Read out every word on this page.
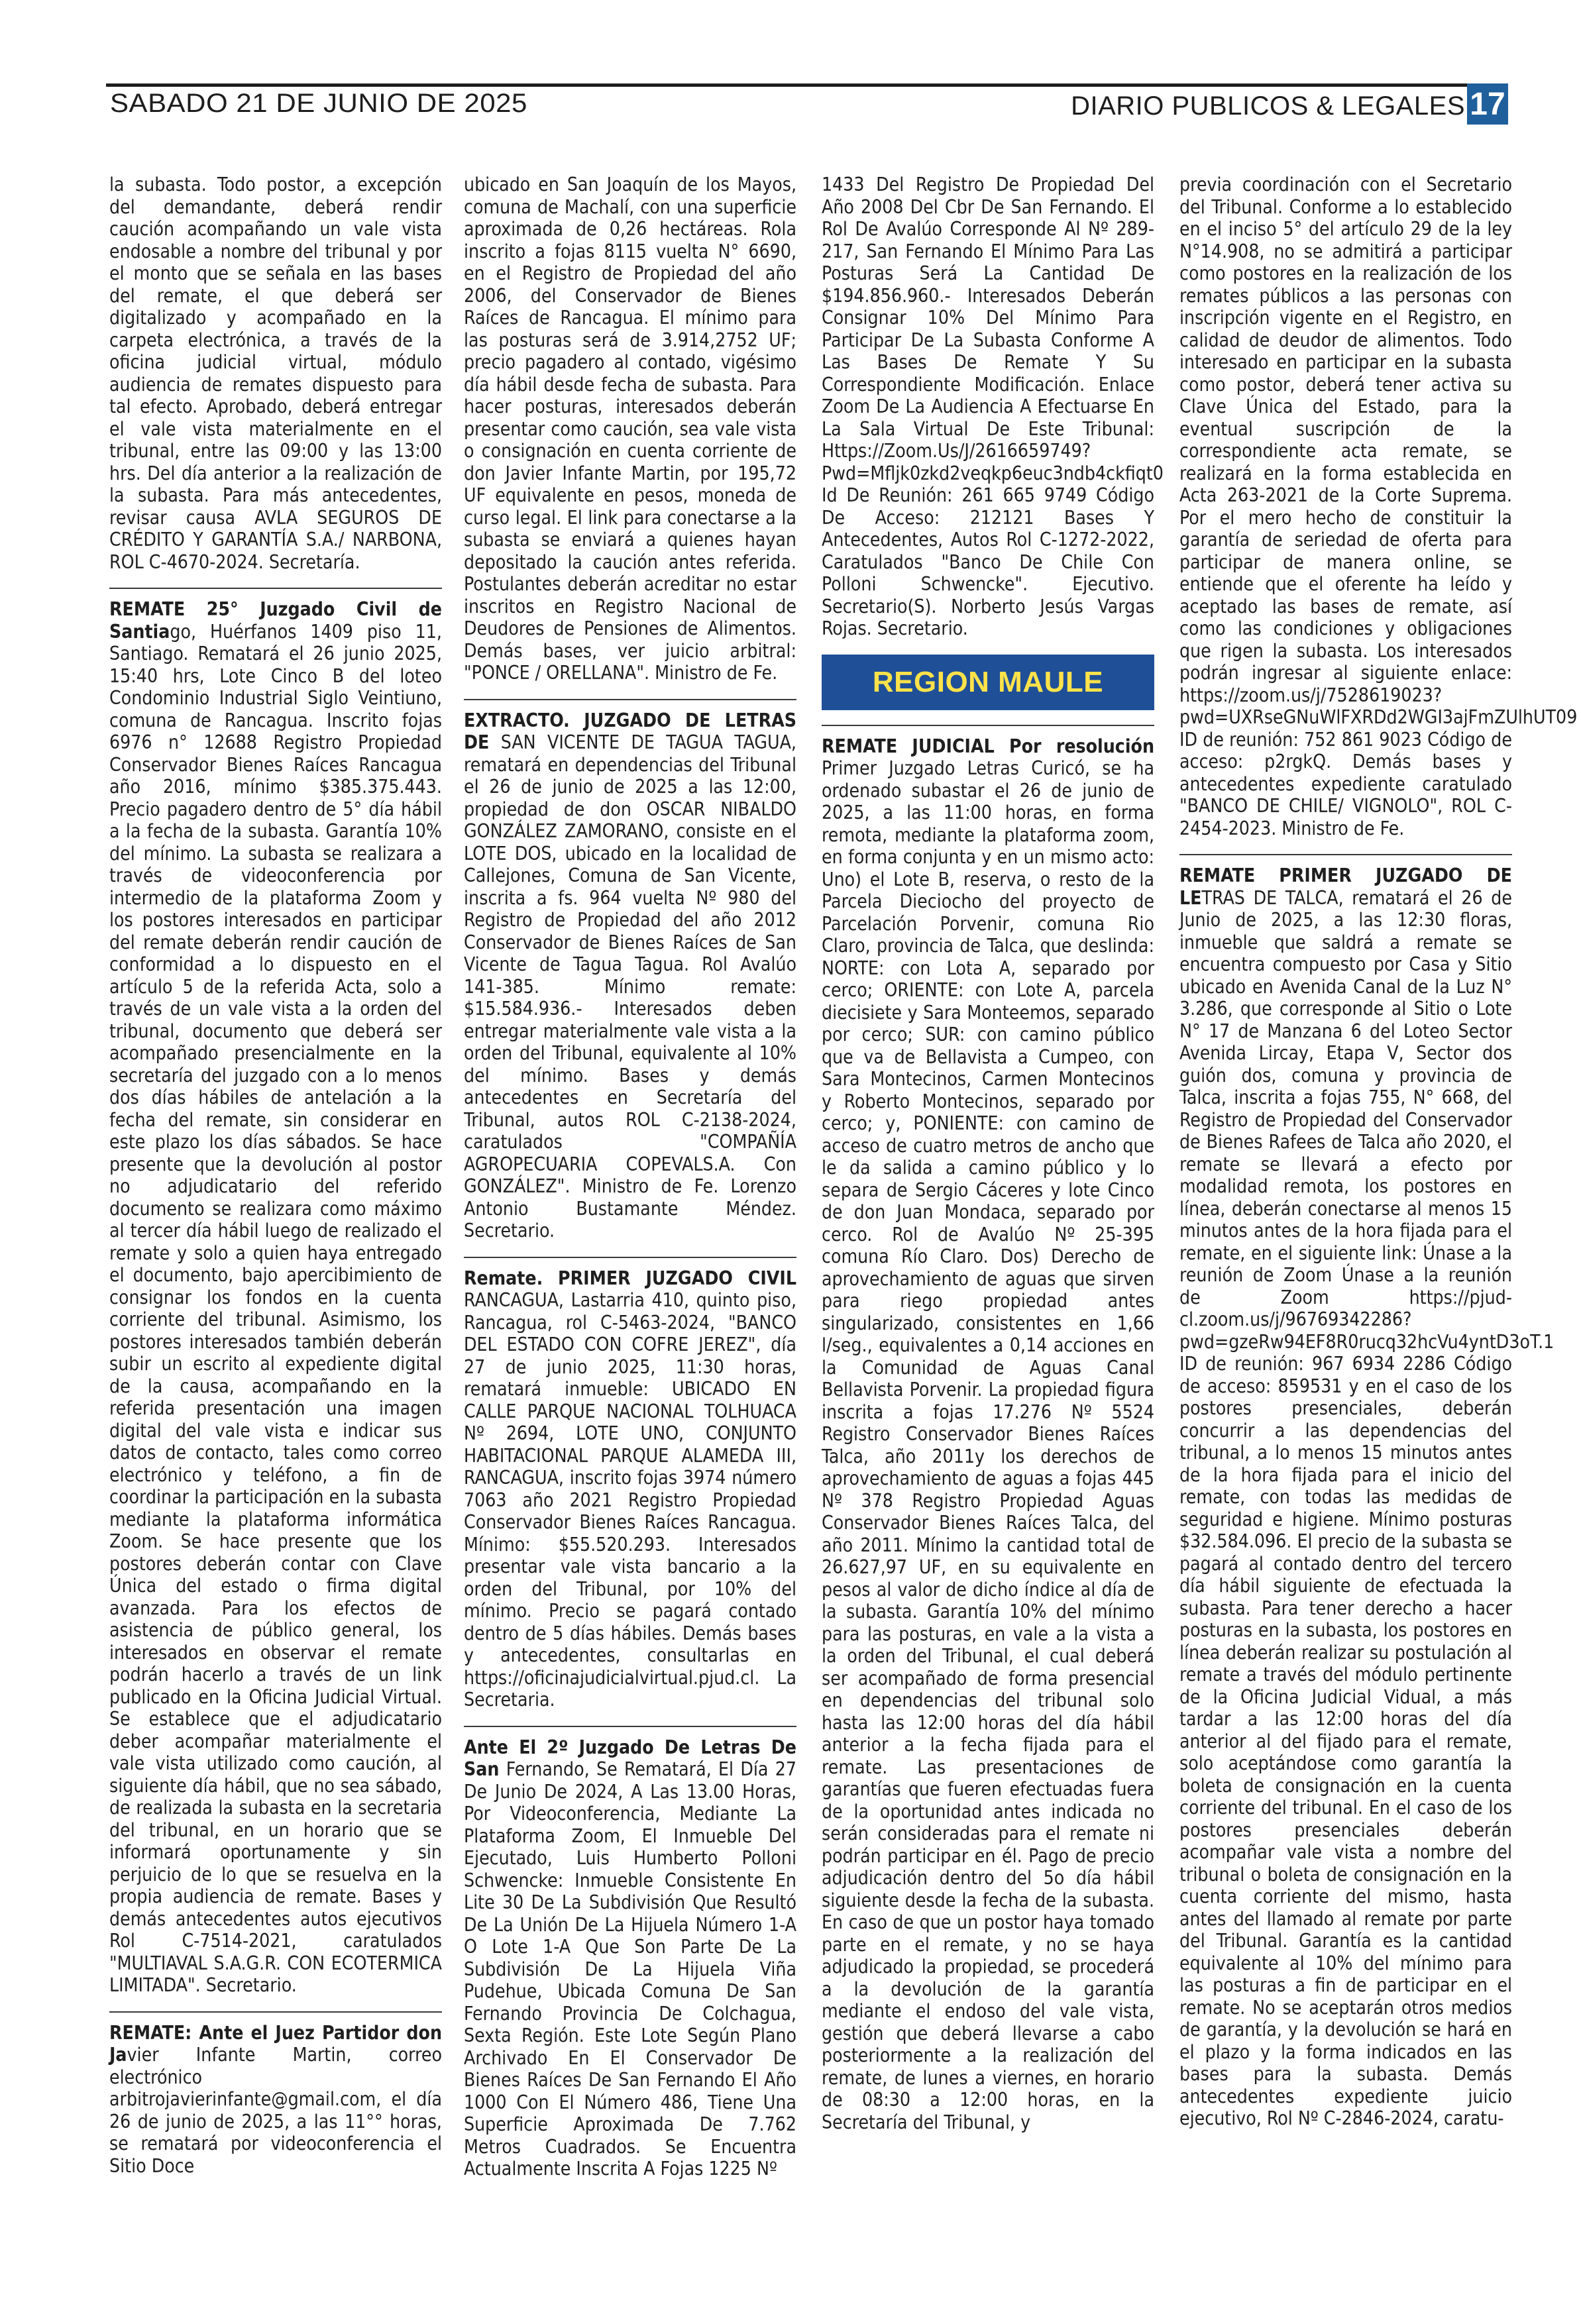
SABADO 21 DE JUNIO DE 2025	DIARIO PUBLICOS & LEGALES 17

la subasta. Todo postor, a excepción del demandante, deberá rendir caución acompañando un vale vista endosable a nombre del tribunal y por el monto que se señala en las bases del remate, el que deberá ser digitalizado y acompañado en la carpeta electrónica, a través de la oficina judicial virtual, módulo audiencia de remates dispuesto para tal efecto. Aprobado, deberá entregar el vale vista materialmente en el tribunal, entre las 09:00 y las 13:00 hrs. Del día anterior a la realización de la subasta. Para más antecedentes, revisar causa AVLA SEGUROS DE CRÉDITO Y GARANTÍA S.A./ NARBONA, ROL C-4670-2024. Secretaría.

REMATE 25° Juzgado Civil de Santiago, Huérfanos 1409 piso 11, Santiago. Rematará el 26 junio 2025, 15:40 hrs, Lote Cinco B del loteo Condominio Industrial Siglo Veintiuno, comuna de Rancagua. Inscrito fojas 6976 n° 12688 Registro Propiedad Conservador Bienes Raíces Rancagua año 2016, mínimo $385.375.443. Precio pagadero dentro de 5° día hábil a la fecha de la subasta. Garantía 10% del mínimo. La subasta se realizara a través de videoconferencia por intermedio de la plataforma Zoom y los postores interesados en participar del remate deberán rendir caución de conformidad a lo dispuesto en el artículo 5 de la referida Acta, solo a través de un vale vista a la orden del tribunal, documento que deberá ser acompañado presencialmente en la secretaría del juzgado con a lo menos dos días hábiles de antelación a la fecha del remate, sin considerar en este plazo los días sábados. Se hace presente que la devolución al postor no adjudicatario del referido documento se realizara como máximo al tercer día hábil luego de realizado el remate y solo a quien haya entregado el documento, bajo apercibimiento de consignar los fondos en la cuenta corriente del tribunal. Asimismo, los postores interesados también deberán subir un escrito al expediente digital de la causa, acompañando en la referida presentación una imagen digital del vale vista e indicar sus datos de contacto, tales como correo electrónico y teléfono, a fin de coordinar la participación en la subasta mediante la plataforma informática Zoom. Se hace presente que los postores deberán contar con Clave Única del estado o firma digital avanzada. Para los efectos de asistencia de público general, los interesados en observar el remate podrán hacerlo a través de un link publicado en la Oficina Judicial Virtual. Se establece que el adjudicatario deber acompañar materialmente el vale vista utilizado como caución, al siguiente día hábil, que no sea sábado, de realizada la subasta en la secretaria del tribunal, en un horario que se informará oportunamente y sin perjuicio de lo que se resuelva en la propia audiencia de remate. Bases y demás antecedentes autos ejecutivos Rol C-7514-2021, caratulados "MULTIAVAL S.A.G.R. CON ECOTERMICA LIMITADA". Secretario.

REMATE: Ante el Juez Partidor don Javier Infante Martin, correo electrónico arbitrojavierinfante@gmail.com, el día 26 de junio de 2025, a las 11°° horas, se rematará por videoconferencia el Sitio Doce

ubicado en San Joaquín de los Mayos, comuna de Machalí, con una superficie aproximada de 0,26 hectáreas. Rola inscrito a fojas 8115 vuelta N° 6690, en el Registro de Propiedad del año 2006, del Conservador de Bienes Raíces de Rancagua. El mínimo para las posturas será de 3.914,2752 UF; precio pagadero al contado, vigésimo día hábil desde fecha de subasta. Para hacer posturas, interesados deberán presentar como caución, sea vale vista o consignación en cuenta corriente de don Javier Infante Martin, por 195,72 UF equivalente en pesos, moneda de curso legal. El link para conectarse a la subasta se enviará a quienes hayan depositado la caución antes referida. Postulantes deberán acreditar no estar inscritos en Registro Nacional de Deudores de Pensiones de Alimentos. Demás bases, ver juicio arbitral: "PONCE / ORELLANA". Ministro de Fe.

EXTRACTO. JUZGADO DE LETRAS DE SAN VICENTE DE TAGUA TAGUA, rematará en dependencias del Tribunal el 26 de junio de 2025 a las 12:00, propiedad de don OSCAR NIBALDO GONZÁLEZ ZAMORANO, consiste en el LOTE DOS, ubicado en la localidad de Callejones, Comuna de San Vicente, inscrita a fs. 964 vuelta Nº 980 del Registro de Propiedad del año 2012 Conservador de Bienes Raíces de San Vicente de Tagua Tagua. Rol Avalúo 141-385. Mínimo remate: $15.584.936.- Interesados deben entregar materialmente vale vista a la orden del Tribunal, equivalente al 10% del mínimo. Bases y demás antecedentes en Secretaría del Tribunal, autos ROL C-2138-2024, caratulados "COMPAÑÍA AGROPECUARIA COPEVALS.A. Con GONZÁLEZ". Ministro de Fe. Lorenzo Antonio Bustamante Méndez. Secretario.

Remate. PRIMER JUZGADO CIVIL RANCAGUA, Lastarria 410, quinto piso, Rancagua, rol C-5463-2024, "BANCO DEL ESTADO CON COFRE JEREZ", día 27 de junio 2025, 11:30 horas, rematará inmueble: UBICADO EN CALLE PARQUE NACIONAL TOLHUACA Nº 2694, LOTE UNO, CONJUNTO HABITACIONAL PARQUE ALAMEDA III, RANCAGUA, inscrito fojas 3974 número 7063 año 2021 Registro Propiedad Conservador Bienes Raíces Rancagua. Mínimo: $55.520.293. Interesados presentar vale vista bancario a la orden del Tribunal, por 10% del mínimo. Precio se pagará contado dentro de 5 días hábiles. Demás bases y antecedentes, consultarlas en https://oficinajudicialvirtual.pjud.cl. La Secretaria.

Ante El 2º Juzgado De Letras De San Fernando, Se Rematará, El Día 27 De Junio De 2024, A Las 13.00 Horas, Por Videoconferencia, Mediante La Plataforma Zoom, El Inmueble Del Ejecutado, Luis Humberto Polloni Schwencke: Inmueble Consistente En Lite 30 De La Subdivisión Que Resultó De La Unión De La Hijuela Número 1-A O Lote 1-A Que Son Parte De La Subdivisión De La Hijuela Viña Pudehue, Ubicada Comuna De San Fernando Provincia De Colchagua, Sexta Región. Este Lote Según Plano Archivado En El Conservador De Bienes Raíces De San Fernando El Año 1000 Con El Número 486, Tiene Una Superficie Aproximada De 7.762 Metros Cuadrados. Se Encuentra Actualmente Inscrita A Fojas 1225 Nº

1433 Del Registro De Propiedad Del Año 2008 Del Cbr De San Fernando. El Rol De Avalúo Corresponde Al Nº 289-217, San Fernando El Mínimo Para Las Posturas Será La Cantidad De $194.856.960.- Interesados Deberán Consignar 10% Del Mínimo Para Participar De La Subasta Conforme A Las Bases De Remate Y Su Correspondiente Modificación. Enlace Zoom De La Audiencia A Efectuarse En La Sala Virtual De Este Tribunal: Https://Zoom.Us/J/2616659749?Pwd=Mfljk0zkd2veqkp6euc3ndb4ckfiqt0 Id De Reunión: 261 665 9749 Código De Acceso: 212121 Bases Y Antecedentes, Autos Rol C-1272-2022, Caratulados "Banco De Chile Con Polloni Schwencke". Ejecutivo. Secretario(S). Norberto Jesús Vargas Rojas. Secretario.

REGION MAULE

REMATE JUDICIAL Por resolución Primer Juzgado Letras Curicó, se ha ordenado subastar el 26 de junio de 2025, a las 11:00 horas, en forma remota, mediante la plataforma zoom, en forma conjunta y en un mismo acto: Uno) el Lote B, reserva, o resto de la Parcela Dieciocho del proyecto de Parcelación Porvenir, comuna Rio Claro, provincia de Talca, que deslinda: NORTE: con Lota A, separado por cerco; ORIENTE: con Lote A, parcela diecisiete y Sara Monteemos, separado por cerco; SUR: con camino público que va de Bellavista a Cumpeo, con Sara Montecinos, Carmen Montecinos y Roberto Montecinos, separado por cerco; y, PONIENTE: con camino de acceso de cuatro metros de ancho que le da salida a camino público y lo separa de Sergio Cáceres y lote Cinco de don Juan Mondaca, separado por cerco. Rol de Avalúo Nº 25-395 comuna Río Claro. Dos) Derecho de aprovechamiento de aguas que sirven para riego propiedad antes singularizado, consistentes en 1,66 l/seg., equivalentes a 0,14 acciones en la Comunidad de Aguas Canal Bellavista Porvenir. La propiedad figura inscrita a fojas 17.276 Nº 5524 Registro Conservador Bienes Raíces Talca, año 2011y los derechos de aprovechamiento de aguas a fojas 445 Nº 378 Registro Propiedad Aguas Conservador Bienes Raíces Talca, del año 2011. Mínimo la cantidad total de 26.627,97 UF, en su equivalente en pesos al valor de dicho índice al día de la subasta. Garantía 10% del mínimo para las posturas, en vale a la vista a la orden del Tribunal, el cual deberá ser acompañado de forma presencial en dependencias del tribunal solo hasta las 12:00 horas del día hábil anterior a la fecha fijada para el remate. Las presentaciones de garantías que fueren efectuadas fuera de la oportunidad antes indicada no serán consideradas para el remate ni podrán participar en él. Pago de precio adjudicación dentro del 5o día hábil siguiente desde la fecha de la subasta. En caso de que un postor haya tomado parte en el remate, y no se haya adjudicado la propiedad, se procederá a la devolución de la garantía mediante el endoso del vale vista, gestión que deberá llevarse a cabo posteriormente a la realización del remate, de lunes a viernes, en horario de 08:30 a 12:00 horas, en la Secretaría del Tribunal, y

previa coordinación con el Secretario del Tribunal. Conforme a lo establecido en el inciso 5° del artículo 29 de la ley N°14.908, no se admitirá a participar como postores en la realización de los remates públicos a las personas con inscripción vigente en el Registro, en calidad de deudor de alimentos. Todo interesado en participar en la subasta como postor, deberá tener activa su Clave Única del Estado, para la eventual suscripción de la correspondiente acta remate, se realizará en la forma establecida en Acta 263-2021 de la Corte Suprema. Por el mero hecho de constituir la garantía de seriedad de oferta para participar de manera online, se entiende que el oferente ha leído y aceptado las bases de remate, así como las condiciones y obligaciones que rigen la subasta. Los interesados podrán ingresar al siguiente enlace: https://zoom.us/j/7528619023?pwd=UXRseGNuWlFXRDd2WGI3ajFmZUlhUT09 ID de reunión: 752 861 9023 Código de acceso: p2rgkQ. Demás bases y antecedentes expediente caratulado "BANCO DE CHILE/ VIGNOLO", ROL C-2454-2023. Ministro de Fe.

REMATE PRIMER JUZGADO DE LETRAS DE TALCA, rematará el 26 de Junio de 2025, a las 12:30 floras, inmueble que saldrá a remate se encuentra compuesto por Casa y Sitio ubicado en Avenida Canal de la Luz N° 3.286, que corresponde al Sitio o Lote N° 17 de Manzana 6 del Loteo Sector Avenida Lircay, Etapa V, Sector dos guión dos, comuna y provincia de Talca, inscrita a fojas 755, N° 668, del Registro de Propiedad del Conservador de Bienes Rafees de Talca año 2020, el remate se llevará a efecto por modalidad remota, los postores en línea, deberán conectarse al menos 15 minutos antes de la hora fijada para el remate, en el siguiente link: Únase a la reunión de Zoom Únase a la reunión de Zoom https://pjud-cl.zoom.us/j/96769342286?pwd=gzeRw94EF8R0rucq32hcVu4yntD3oT.1 ID de reunión: 967 6934 2286 Código de acceso: 859531 y en el caso de los postores presenciales, deberán concurrir a las dependencias del tribunal, a lo menos 15 minutos antes de la hora fijada para el inicio del remate, con todas las medidas de seguridad e higiene. Mínimo posturas $32.584.096. El precio de la subasta se pagará al contado dentro del tercero día hábil siguiente de efectuada la subasta. Para tener derecho a hacer posturas en la subasta, los postores en línea deberán realizar su postulación al remate a través del módulo pertinente de la Oficina Judicial Vidual, a más tardar a las 12:00 horas del día anterior al del fijado para el remate, solo aceptándose como garantía la boleta de consignación en la cuenta corriente del tribunal. En el caso de los postores presenciales deberán acompañar vale vista a nombre del tribunal o boleta de consignación en la cuenta corriente del mismo, hasta antes del llamado al remate por parte del Tribunal. Garantía es la cantidad equivalente al 10% del mínimo para las posturas a fin de participar en el remate. No se aceptarán otros medios de garantía, y la devolución se hará en el plazo y la forma indicados en las bases para la subasta. Demás antecedentes expediente juicio ejecutivo, Rol Nº C-2846-2024, caratu-
